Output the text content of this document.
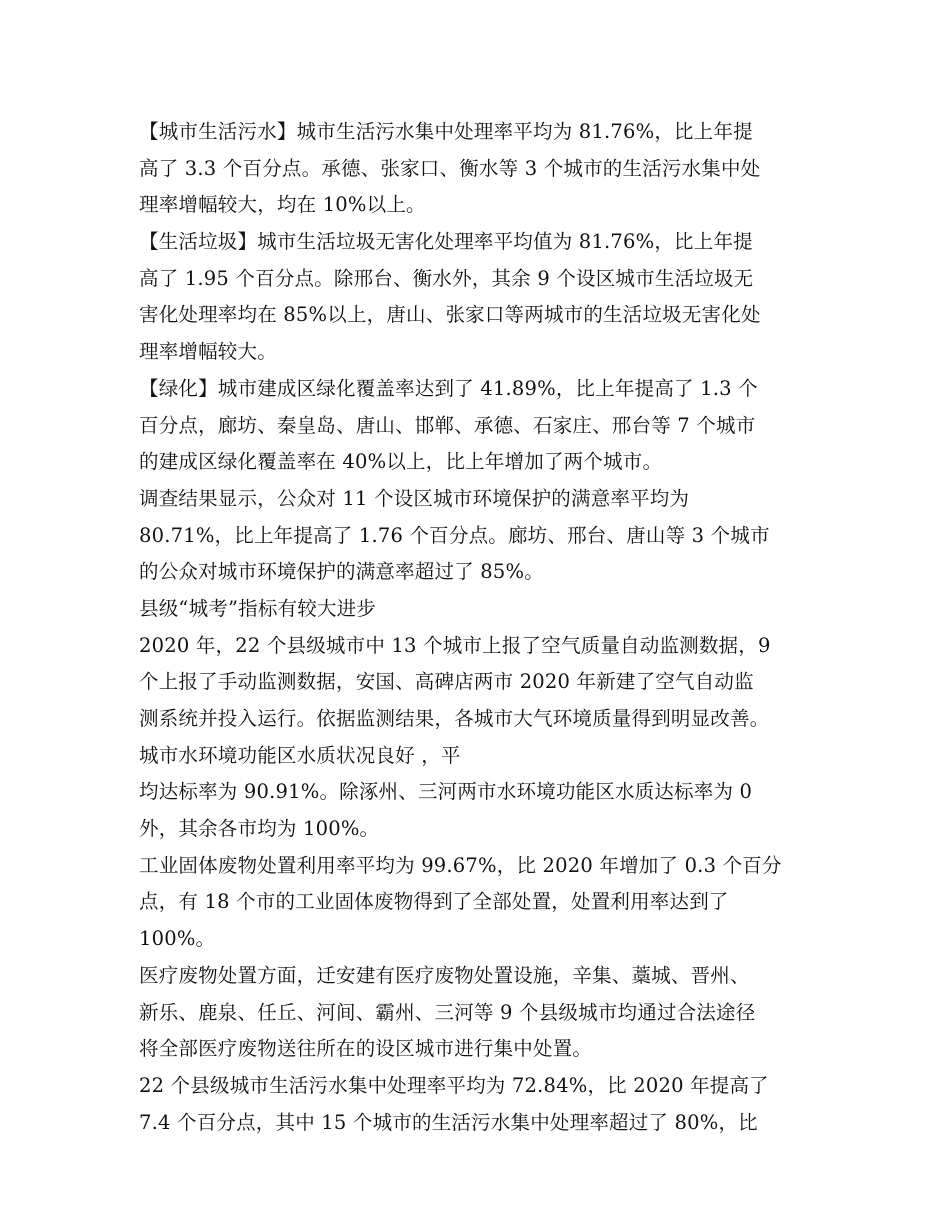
【城市生活污水】城市生活污水集中处理率平均为 81.76%，比上年提
高了 3.3 个百分点。承德、张家口、衡水等 3 个城市的生活污水集中处
理率增幅较大，均在 10%以上。
【生活垃圾】城市生活垃圾无害化处理率平均值为 81.76%，比上年提
高了 1.95 个百分点。除邢台、衡水外，其余 9 个设区城市生活垃圾无
害化处理率均在 85%以上，唐山、张家口等两城市的生活垃圾无害化处
理率增幅较大。
【绿化】城市建成区绿化覆盖率达到了 41.89%，比上年提高了 1.3 个
百分点，廊坊、秦皇岛、唐山、邯郸、承德、石家庄、邢台等 7 个城市
的建成区绿化覆盖率在 40%以上，比上年增加了两个城市。
调查结果显示，公众对 11 个设区城市环境保护的满意率平均为
80.71%，比上年提高了 1.76 个百分点。廊坊、邢台、唐山等 3 个城市
的公众对城市环境保护的满意率超过了 85%。
县级“城考”指标有较大进步
2020 年，22 个县级城市中 13 个城市上报了空气质量自动监测数据，9
个上报了手动监测数据，安国、高碑店两市 2020 年新建了空气自动监
测系统并投入运行。依据监测结果，各城市大气环境质量得到明显改善。
城市水环境功能区水质状况良好 ，平
均达标率为 90.91%。除涿州、三河两市水环境功能区水质达标率为 0
外，其余各市均为 100%。
工业固体废物处置利用率平均为 99.67%，比 2020 年增加了 0.3 个百分
点，有 18 个市的工业固体废物得到了全部处置，处置利用率达到了
100%。
医疗废物处置方面，迁安建有医疗废物处置设施，辛集、藁城、晋州、
新乐、鹿泉、任丘、河间、霸州、三河等 9 个县级城市均通过合法途径
将全部医疗废物送往所在的设区城市进行集中处置。
22 个县级城市生活污水集中处理率平均为 72.84%，比 2020 年提高了
7.4 个百分点，其中 15 个城市的生活污水集中处理率超过了 80%，比
